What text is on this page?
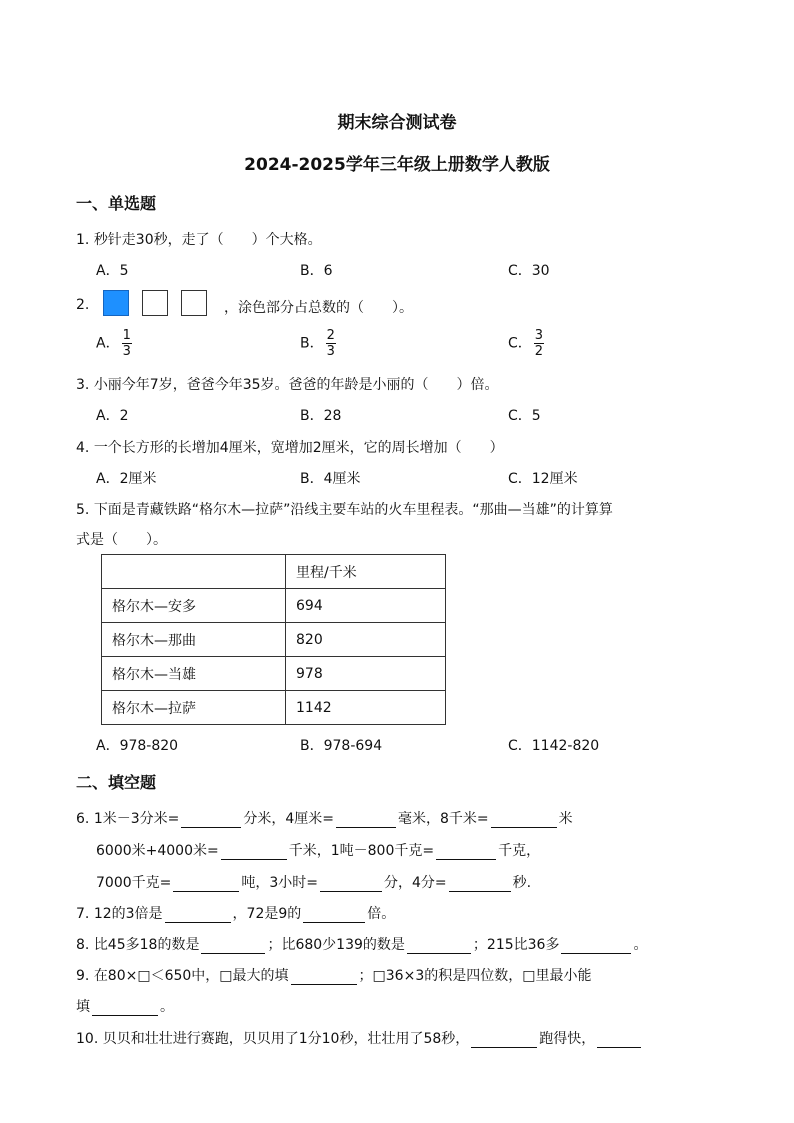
期末综合测试卷
2024-2025学年三年级上册数学人教版
一、单选题
1. 秒针走30秒，走了（　　）个大格。
A．5	B．6	C．30
2.	，涂色部分占总数的（　　）。
A． $\frac{1}{3}$	B． $\frac{2}{3}$	C． $\frac{3}{2}$
3. 小丽今年7岁，爸爸今年35岁。爸爸的年龄是小丽的（　　）倍。
A．2	B．28	C．5
4. 一个长方形的长增加4厘米，宽增加2厘米，它的周长增加（　　）
A．2厘米	B．4厘米	C．12厘米
5. 下面是青藏铁路“格尔木—拉萨”沿线主要车站的火车里程表。“那曲—当雄”的计算算
式是（　　）。
	里程/千米
格尔木—安多	694
格尔木—那曲	820
格尔木—当雄	978
格尔木—拉萨	1142
A．978-820	B．978-694	C．1142-820
二、填空题
6. 1米－3分米=	分米，4厘米=	毫米，8千米=	米
6000米+4000米=	千米，1吨－800千克=	千克，
7000千克=	吨，3小时=	分，4分=	秒.
7. 12的3倍是	，72是9的	倍。
8. 比45多18的数是	；比680少139的数是	；215比36多	。
9. 在80×□＜650中，□最大的填	；□36×3的积是四位数，□里最小能
填	。
10. 贝贝和壮壮进行赛跑，贝贝用了1分10秒，壮壮用了58秒，	跑得快，
